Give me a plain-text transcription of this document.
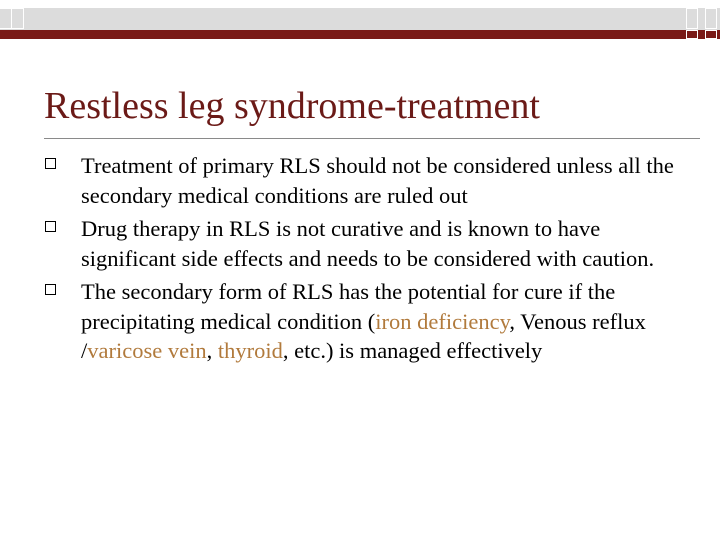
Restless leg syndrome-treatment
Treatment of primary RLS should not be considered unless all the secondary medical conditions are ruled out
Drug therapy in RLS is not curative and is known to have significant side effects and needs to be considered with caution.
The secondary form of RLS has the potential for cure if the precipitating medical condition (iron deficiency, Venous reflux /varicose vein, thyroid, etc.) is managed effectively
